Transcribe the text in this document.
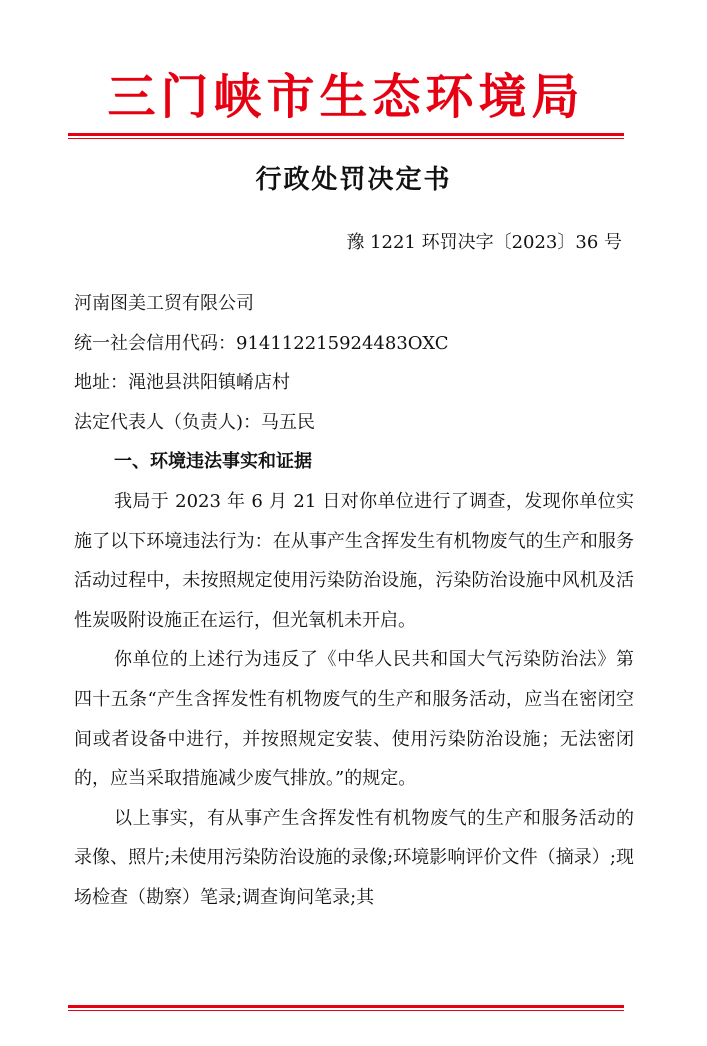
三门峡市生态环境局
行政处罚决定书
豫 1221 环罚决字〔2023〕36 号

河南图美工贸有限公司

统一社会信用代码：914112215924483OXC

地址：渑池县洪阳镇崤店村

法定代表人（负责人)：马五民

一、环境违法事实和证据

我局于 2023 年 6 月 21 日对你单位进行了调查，发现你单位实施了以下环境违法行为：在从事产生含挥发生有机物废气的生产和服务活动过程中，未按照规定使用污染防治设施，污染防治设施中风机及活性炭吸附设施正在运行，但光氧机未开启。

你单位的上述行为违反了《中华人民共和国大气污染防治法》第四十五条“产生含挥发性有机物废气的生产和服务活动，应当在密闭空间或者设备中进行，并按照规定安装、使用污染防治设施；无法密闭的，应当采取措施减少废气排放。”的规定。

以上事实，有从事产生含挥发性有机物废气的生产和服务活动的录像、照片;未使用污染防治设施的录像;环境影响评价文件（摘录）;现场检查（勘察）笔录;调查询问笔录;其
